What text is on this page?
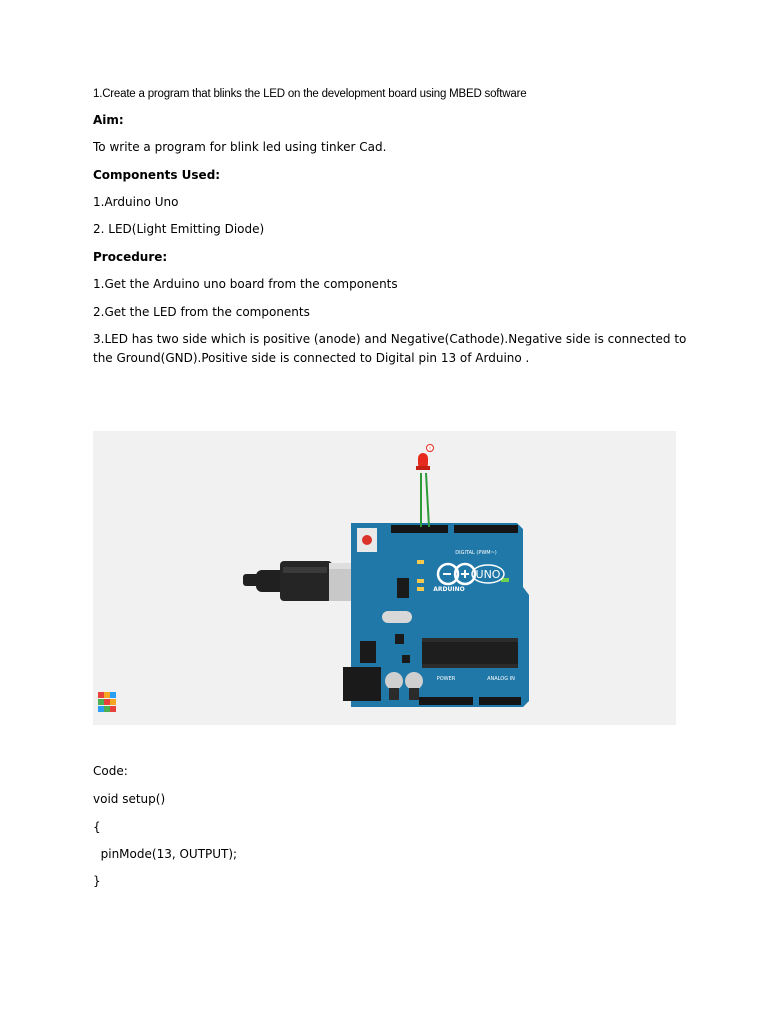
1.Create a program that blinks the LED on the development board using MBED software
Aim:
To write a program for blink led using tinker Cad.
Components Used:
1.Arduino Uno
2. LED(Light Emitting Diode)
Procedure:
1.Get the Arduino uno board from the components
2.Get the LED from the components
3.LED has two side which is positive (anode) and Negative(Cathode).Negative side is connected to
the Ground(GND).Positive side is connected to Digital pin 13 of Arduino .
UNO
ARDUINO
DIGITAL (PWM~)
POWER	ANALOG IN
!
Code:
void setup()
{
pinMode(13, OUTPUT);
}
